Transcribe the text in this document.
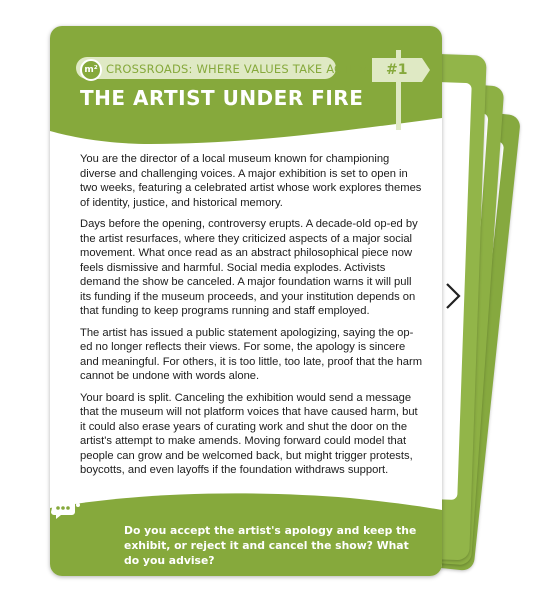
m² CROSSROADS: WHERE VALUES TAKE ACTION #1
THE ARTIST UNDER FIRE

You are the director of a local museum known for championing diverse and challenging voices. A major exhibition is set to open in two weeks, featuring a celebrated artist whose work explores themes of identity, justice, and historical memory.

Days before the opening, controversy erupts. A decade-old op-ed by the artist resurfaces, where they criticized aspects of a major social movement. What once read as an abstract philosophical piece now feels dismissive and harmful. Social media explodes. Activists demand the show be canceled. A major foundation warns it will pull its funding if the museum proceeds, and your institution depends on that funding to keep programs running and staff employed.

The artist has issued a public statement apologizing, saying the op-ed no longer reflects their views. For some, the apology is sincere and meaningful. For others, it is too little, too late, proof that the harm cannot be undone with words alone.

Your board is split. Canceling the exhibition would send a message that the museum will not platform voices that have caused harm, but it could also erase years of curating work and shut the door on the artist's attempt to make amends. Moving forward could model that people can grow and be welcomed back, but might trigger protests, boycotts, and even layoffs if the foundation withdraws support.

Do you accept the artist's apology and keep the exhibit, or reject it and cancel the show? What do you advise?
